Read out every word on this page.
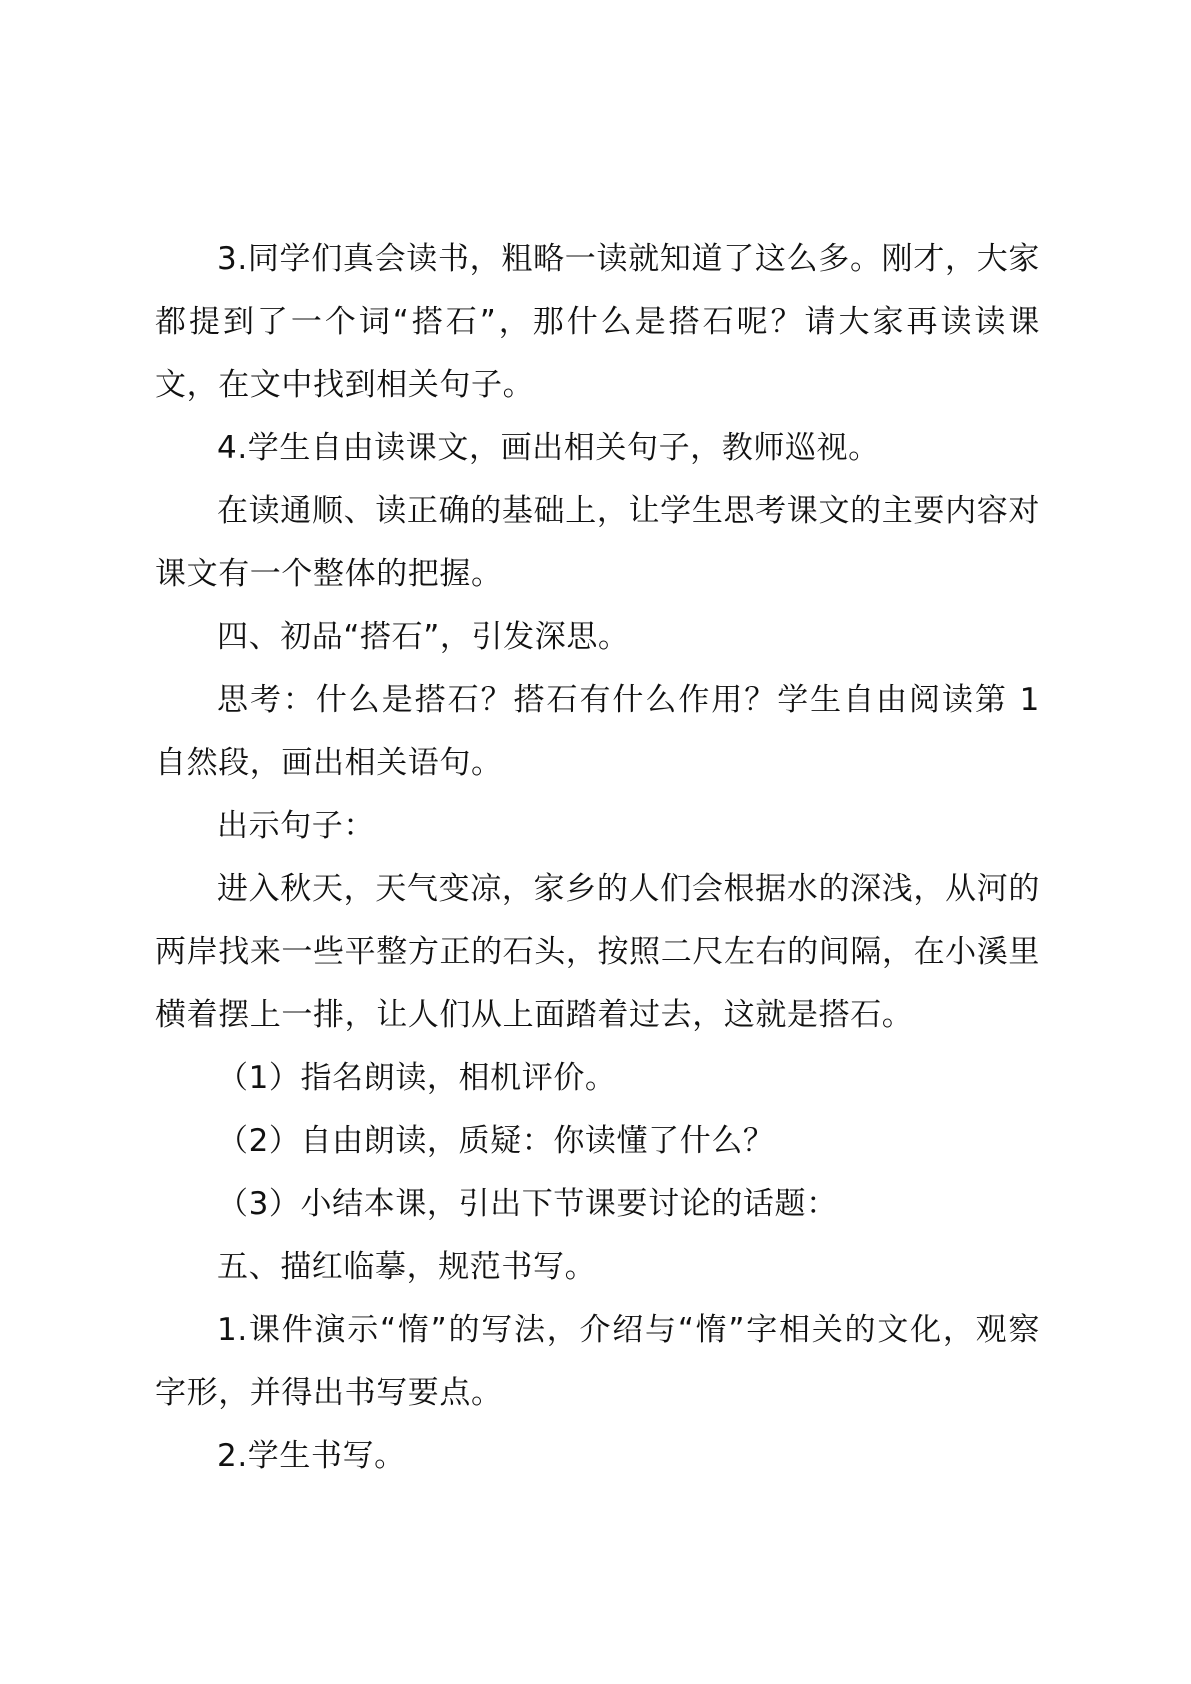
3.同学们真会读书，粗略一读就知道了这么多。刚才，大家都提到了一个词“搭石”，那什么是搭石呢？请大家再读读课文，在文中找到相关句子。

4.学生自由读课文，画出相关句子，教师巡视。

在读通顺、读正确的基础上，让学生思考课文的主要内容对课文有一个整体的把握。

四、初品“搭石”，引发深思。

思考：什么是搭石？搭石有什么作用？学生自由阅读第 1 自然段，画出相关语句。

出示句子：

进入秋天，天气变凉，家乡的人们会根据水的深浅，从河的两岸找来一些平整方正的石头，按照二尺左右的间隔，在小溪里横着摆上一排，让人们从上面踏着过去，这就是搭石。

（1）指名朗读，相机评价。

（2）自由朗读，质疑：你读懂了什么？

（3）小结本课，引出下节课要讨论的话题：

五、描红临摹，规范书写。

1.课件演示“惰”的写法，介绍与“惰”字相关的文化，观察字形，并得出书写要点。

2.学生书写。
